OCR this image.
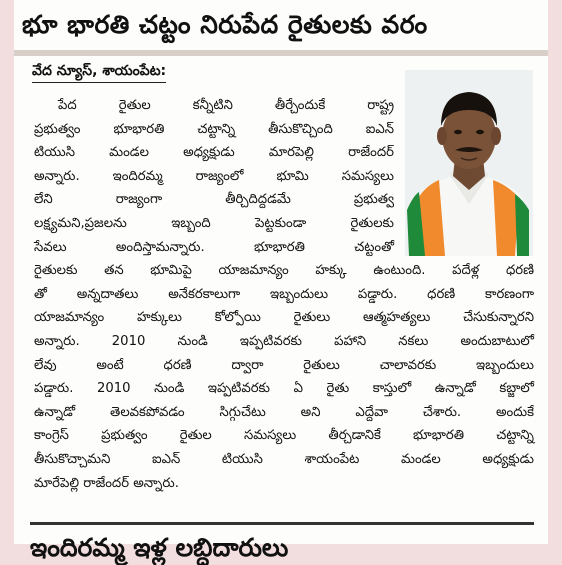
భూ భారతి చట్టం నిరుపేద రైతులకు వరం
వేద న్యూస్, శాయంపేట:
పేద రైతుల కన్నీటిని తీర్చేందుకే రాష్ట్ర
ప్రభుత్వం భూభారతి చట్టాన్ని తీసుకొచ్చింది ఐఎన్
టియుసి మండల అధ్యక్షుడు మారపెల్లి రాజేందర్
అన్నారు. ఇందిరమ్మ రాజ్యంలో భూమి సమస్యలు
లేని రాజ్యంగా తీర్చిదిద్దడమే ప్రభుత్వ
లక్ష్యమని,ప్రజలను ఇబ్బంది పెట్టకుండా రైతులకు
సేవలు అందిస్తామన్నారు. భూభారతి చట్టంతో
రైతులకు తన భూమిపై యాజమాన్యం హక్కు ఉంటుంది. పదేళ్ల ధరణి
తో అన్నదాతలు అనేకరకాలుగా ఇబ్బందులు పడ్డారు. ధరణి కారణంగా
యాజమాన్యం హక్కులు కోల్పోయి రైతులు ఆత్మహత్యలు చేసుకున్నారని
అన్నారు. 2010 నుండి ఇప్పటివరకు పహాని నకలు అందుబాటులో
లేవు అంటే ధరణి ద్వారా రైతులు చాలావరకు ఇబ్బందులు
పడ్డారు. 2010 నుండి ఇప్పటివరకు ఏ రైతు కాస్తులో ఉన్నాడో కబ్జాలో
ఉన్నాడో తెలవకపోవడం సిగ్గుచేటు అని ఎద్దేవా చేశారు. అందుకే
కాంగ్రెస్ ప్రభుత్వం రైతుల సమస్యలు తీర్చడానికే భూభారతి చట్టాన్ని
తీసుకొచ్చామని ఐఎన్ టియుసి శాయంపేట మండల అధ్యక్షుడు
మారేపెల్లి రాజేందర్ అన్నారు.
ఇందిరమ్మ ఇళ్ల లబ్ధిదారులు
